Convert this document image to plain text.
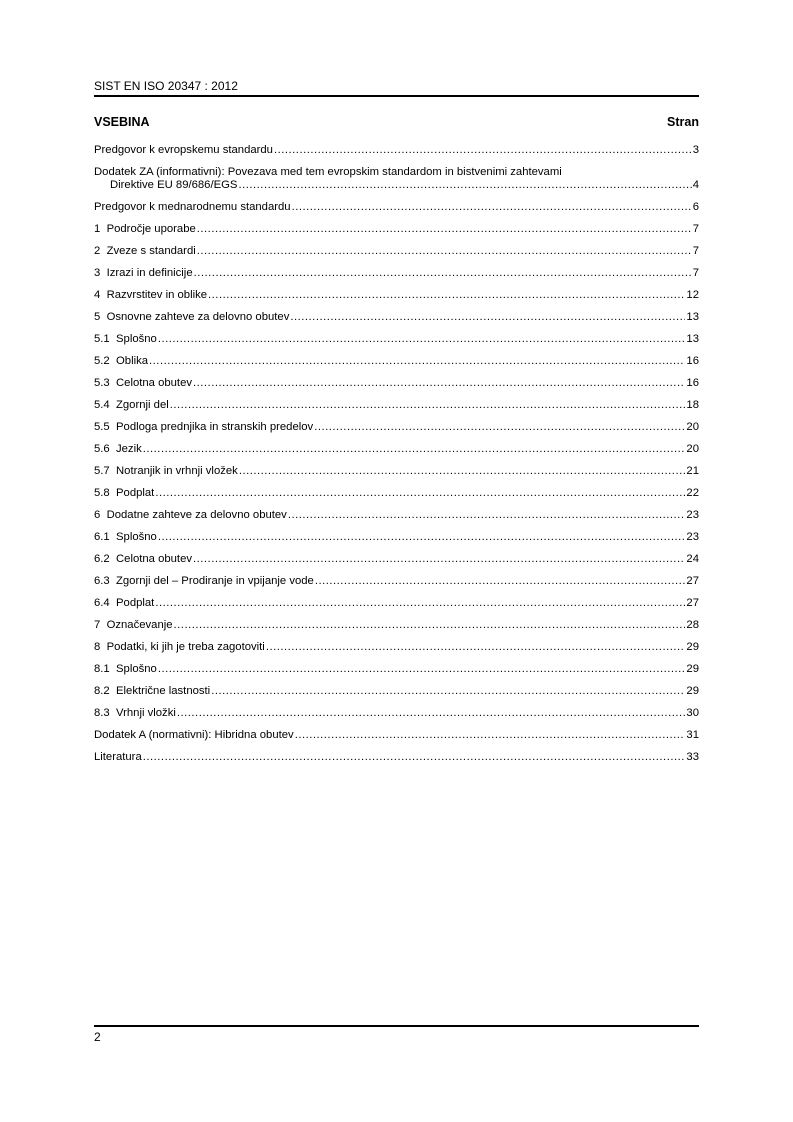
SIST EN ISO 20347 : 2012
VSEBINA	Stran
Predgovor k evropskemu standardu .....	3
Dodatek ZA (informativni): Povezava med tem evropskim standardom in bistvenimi zahtevami
Direktive EU 89/686/EGS .....	4
Predgovor k mednarodnemu standardu .....	6
1 Področje uporabe .....	7
2 Zveze s standardi .....	7
3 Izrazi in definicije .....	7
4 Razvrstitev in oblike .....	12
5 Osnovne zahteve za delovno obutev .....	13
5.1 Splošno .....	13
5.2 Oblika .....	16
5.3 Celotna obutev .....	16
5.4 Zgornji del .....	18
5.5 Podloga prednjika in stranskih predelov .....	20
5.6 Jezik .....	20
5.7 Notranjik in vrhnji vložek .....	21
5.8 Podplat .....	22
6 Dodatne zahteve za delovno obutev .....	23
6.1 Splošno .....	23
6.2 Celotna obutev .....	24
6.3 Zgornji del – Prodiranje in vpijanje vode .....	27
6.4 Podplat .....	27
7 Označevanje .....	28
8 Podatki, ki jih je treba zagotoviti .....	29
8.1 Splošno .....	29
8.2 Električne lastnosti .....	29
8.3 Vrhnji vložki .....	30
Dodatek A (normativni): Hibridna obutev .....	31
Literatura .....	33
2
